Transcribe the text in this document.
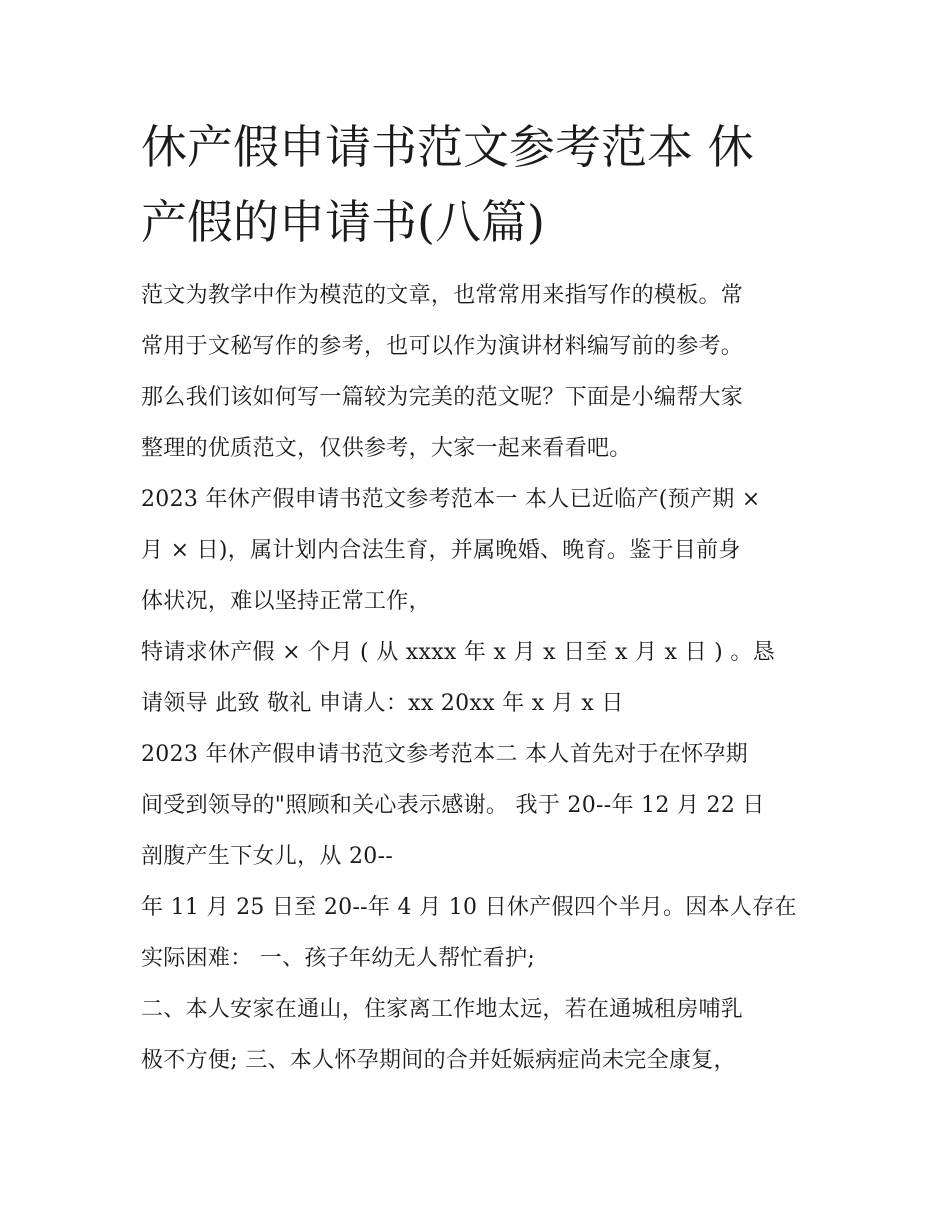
休产假申请书范文参考范本 休
产假的申请书(八篇)

范文为教学中作为模范的文章，也常常用来指写作的模板。常

常用于文秘写作的参考，也可以作为演讲材料编写前的参考。

那么我们该如何写一篇较为完美的范文呢？下面是小编帮大家

整理的优质范文，仅供参考，大家一起来看看吧。

2023 年休产假申请书范文参考范本一 本人已近临产(预产期 ×

月 × 日)，属计划内合法生育，并属晚婚、晚育。鉴于目前身

体状况，难以坚持正常工作，

特请求休产假 × 个月 ( 从 xxxx 年 x 月 x 日至 x 月 x 日 ) 。恳

请领导 此致 敬礼 申请人：xx 20xx 年 x 月 x 日

2023 年休产假申请书范文参考范本二 本人首先对于在怀孕期

间受到领导的"照顾和关心表示感谢。 我于 20--年 12 月 22 日

剖腹产生下女儿，从 20--

年 11 月 25 日至 20--年 4 月 10 日休产假四个半月。因本人存在

实际困难： 一、孩子年幼无人帮忙看护;

二、本人安家在通山，住家离工作地太远，若在通城租房哺乳

极不方便; 三、本人怀孕期间的合并妊娠病症尚未完全康复，
